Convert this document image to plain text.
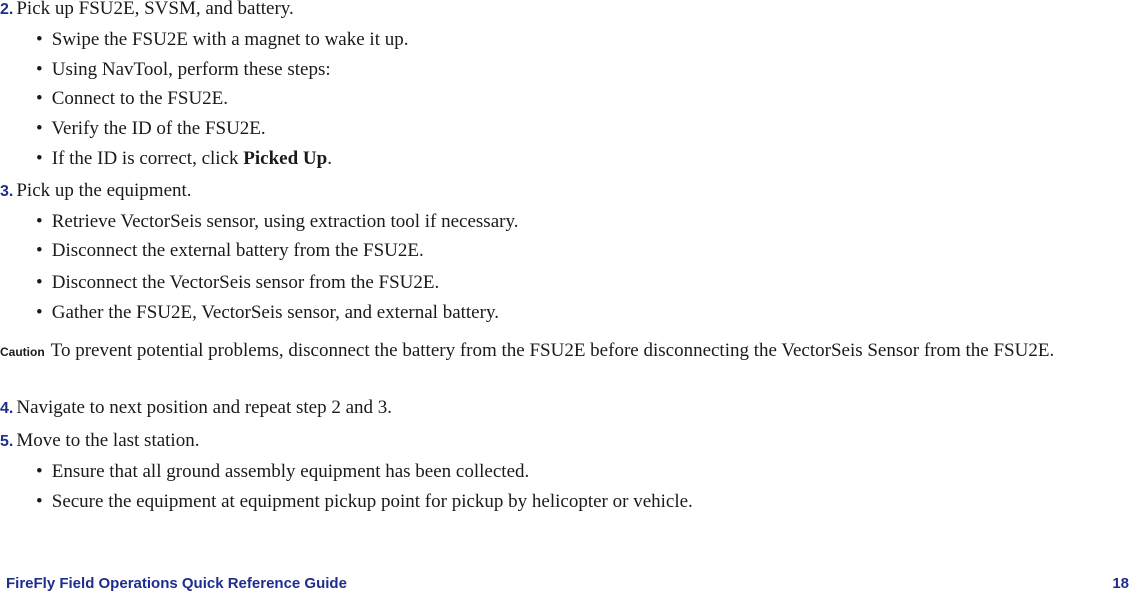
2. Pick up FSU2E, SVSM, and battery.
• Swipe the FSU2E with a magnet to wake it up.
• Using NavTool, perform these steps:
• Connect to the FSU2E.
• Verify the ID of the FSU2E.
• If the ID is correct, click Picked Up.
3. Pick up the equipment.
• Retrieve VectorSeis sensor, using extraction tool if necessary.
• Disconnect the external battery from the FSU2E.
• Disconnect the VectorSeis sensor from the FSU2E.
• Gather the FSU2E, VectorSeis sensor, and external battery.
Caution To prevent potential problems, disconnect the battery from the FSU2E before disconnecting the VectorSeis Sensor from the FSU2E.
4. Navigate to next position and repeat step 2 and 3.
5. Move to the last station.
• Ensure that all ground assembly equipment has been collected.
• Secure the equipment at equipment pickup point for pickup by helicopter or vehicle.
FireFly Field Operations Quick Reference Guide	18
